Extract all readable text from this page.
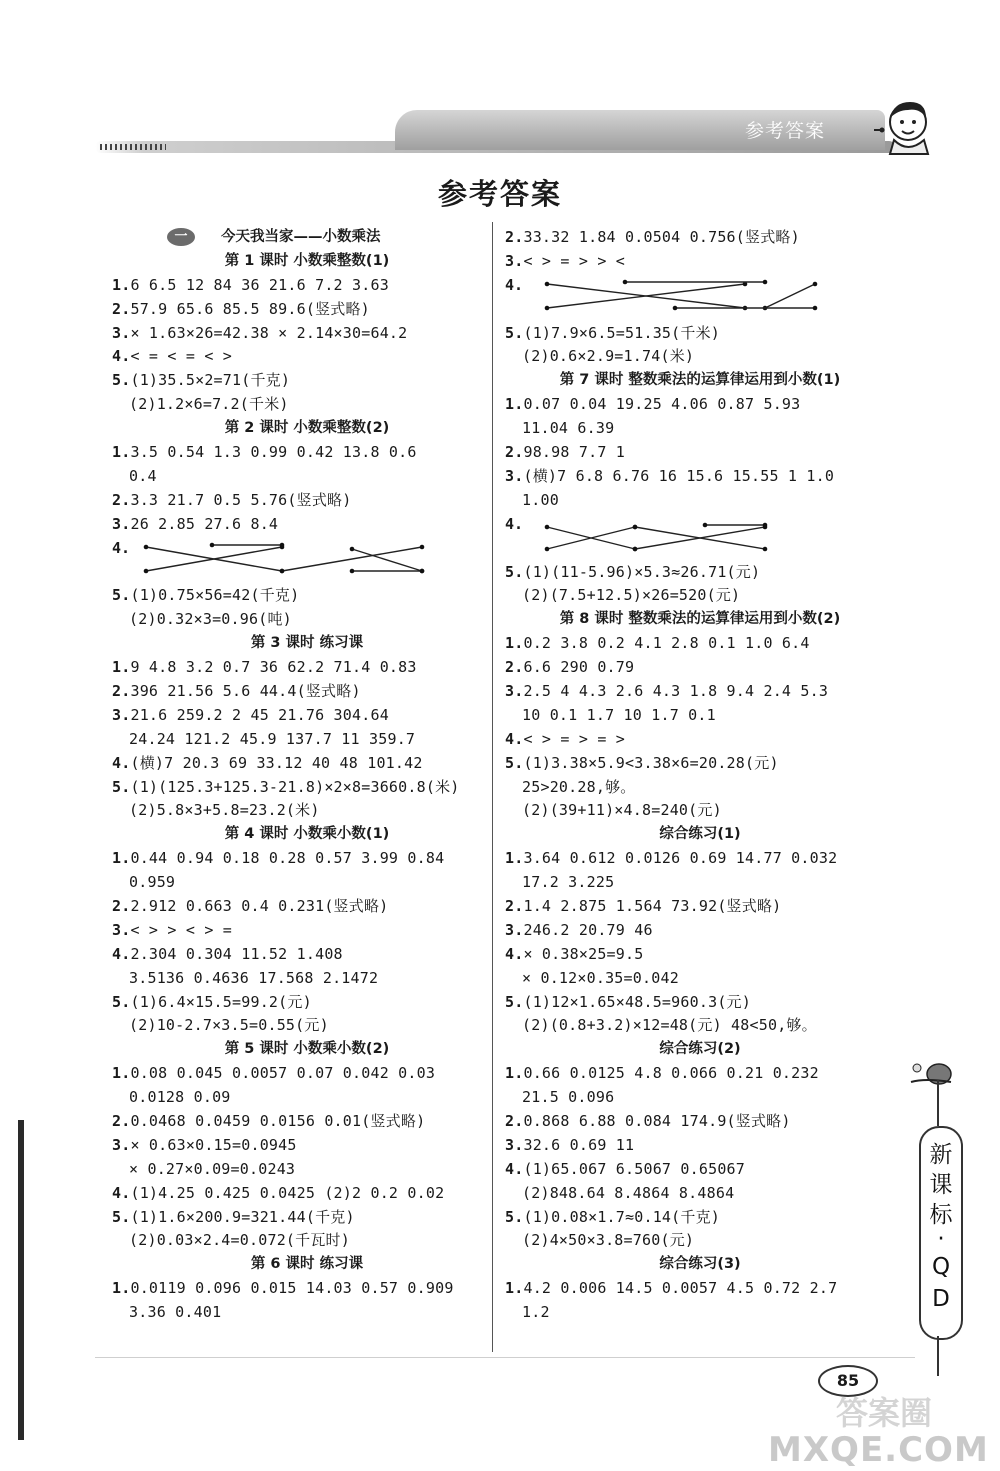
参考答案
参考答案
一	今天我当家——小数乘法
第 1 课时 小数乘整数(1)
1.6 6.5 12 84 36 21.6 7.2 3.63
2.57.9 65.6 85.5 89.6(竖式略)
3.× 1.63×26=42.38 × 2.14×30=64.2
4.< = < = < >
5.(1)35.5×2=71(千克)
(2)1.2×6=7.2(千米)
第 2 课时 小数乘整数(2)
1.3.5 0.54 1.3 0.99 0.42 13.8 0.6
0.4
2.3.3 21.7 0.5 5.76(竖式略)
3.26 2.85 27.6 8.4
4.
5.(1)0.75×56=42(千克)
(2)0.32×3=0.96(吨)
第 3 课时 练习课
1.9 4.8 3.2 0.7 36 62.2 71.4 0.83
2.396 21.56 5.6 44.4(竖式略)
3.21.6 259.2 2 45 21.76 304.64
24.24 121.2 45.9 137.7 11 359.7
4.(横)7 20.3 69 33.12 40 48 101.42
5.(1)(125.3+125.3-21.8)×2×8=3660.8(米)
(2)5.8×3+5.8=23.2(米)
第 4 课时 小数乘小数(1)
1.0.44 0.94 0.18 0.28 0.57 3.99 0.84
0.959
2.2.912 0.663 0.4 0.231(竖式略)
3.< > > < > =
4.2.304 0.304 11.52 1.408
3.5136 0.4636 17.568 2.1472
5.(1)6.4×15.5=99.2(元)
(2)10-2.7×3.5=0.55(元)
第 5 课时 小数乘小数(2)
1.0.08 0.045 0.0057 0.07 0.042 0.03
0.0128 0.09
2.0.0468 0.0459 0.0156 0.01(竖式略)
3.× 0.63×0.15=0.0945
× 0.27×0.09=0.0243
4.(1)4.25 0.425 0.0425 (2)2 0.2 0.02
5.(1)1.6×200.9=321.44(千克)
(2)0.03×2.4=0.072(千瓦时)
第 6 课时 练习课
1.0.0119 0.096 0.015 14.03 0.57 0.909
3.36 0.401
2.33.32 1.84 0.0504 0.756(竖式略)
3.< > = > > <
4.
5.(1)7.9×6.5=51.35(千米)
(2)0.6×2.9=1.74(米)
第 7 课时 整数乘法的运算律运用到小数(1)
1.0.07 0.04 19.25 4.06 0.87 5.93
11.04 6.39
2.98.98 7.7 1
3.(横)7 6.8 6.76 16 15.6 15.55 1 1.0
1.00
4.
5.(1)(11-5.96)×5.3≈26.71(元)
(2)(7.5+12.5)×26=520(元)
第 8 课时 整数乘法的运算律运用到小数(2)
1.0.2 3.8 0.2 4.1 2.8 0.1 1.0 6.4
2.6.6 290 0.79
3.2.5 4 4.3 2.6 4.3 1.8 9.4 2.4 5.3
10 0.1 1.7 10 1.7 0.1
4.< > = > = >
5.(1)3.38×5.9<3.38×6=20.28(元)
25>20.28,够。
(2)(39+11)×4.8=240(元)
综合练习(1)
1.3.64 0.612 0.0126 0.69 14.77 0.032
17.2 3.225
2.1.4 2.875 1.564 73.92(竖式略)
3.246.2 20.79 46
4.× 0.38×25=9.5
× 0.12×0.35=0.042
5.(1)12×1.65×48.5=960.3(元)
(2)(0.8+3.2)×12=48(元) 48<50,够。
综合练习(2)
1.0.66 0.0125 4.8 0.066 0.21 0.232
21.5 0.096
2.0.868 6.88 0.084 174.9(竖式略)
3.32.6 0.69 11
4.(1)65.067 6.5067 0.65067
(2)848.64 8.4864 8.4864
5.(1)0.08×1.7≈0.14(千克)
(2)4×50×3.8=760(元)
综合练习(3)
1.4.2 0.006 14.5 0.0057 4.5 0.72 2.7
1.2
新
课
标
·
Q
D
85
答案圈
MXQE.COM
